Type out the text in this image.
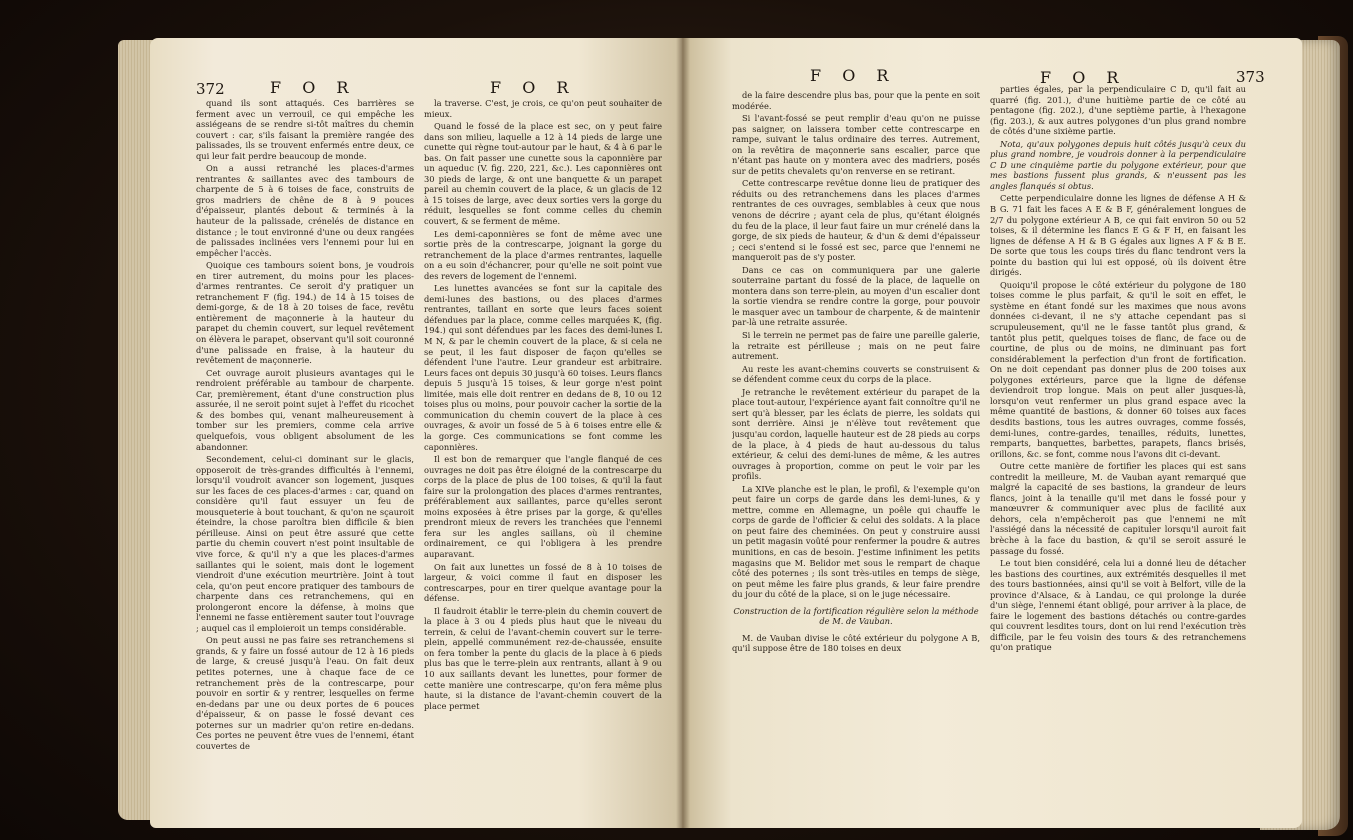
372	F O R	F O R

quand ils sont attaqués. Ces barrières se ferment avec un verrouil, ce qui empêche les assiégeans de se rendre si-tôt maîtres du chemin couvert : car, s'ils faisant la première rangée des palissades, ils se trouvent enfermés entre deux, ce qui leur fait perdre beaucoup de monde.

On a aussi retranché les places-d'armes rentrantes & saillantes avec des tambours de charpente de 5 à 6 toises de face, construits de gros madriers de chêne de 8 à 9 pouces d'épaisseur, plantés debout & terminés à la hauteur de la palissade, crénelés de distance en distance ; le tout environné d'une ou deux rangées de palissades inclinées vers l'ennemi pour lui en empêcher l'accès.

Quoique ces tambours soient bons, je voudrois en tirer autrement, du moins pour les places-d'armes rentrantes. Ce seroit d'y pratiquer un retranchement F (fig. 194.) de 14 à 15 toises de demi-gorge, & de 18 à 20 toises de face, revêtu entièrement de maçonnerie à la hauteur du parapet du chemin couvert, sur lequel revêtement on élèvera le parapet, observant qu'il soit couronné d'une palissade en fraise, à la hauteur du revêtement de maçonnerie.

Cet ouvrage auroit plusieurs avantages qui le rendroient préférable au tambour de charpente. Car, premièrement, étant d'une construction plus assurée, il ne seroit point sujet à l'effet du ricochet & des bombes qui, venant malheureusement à tomber sur les premiers, comme cela arrive quelquefois, vous obligent absolument de les abandonner.

Secondement, celui-ci dominant sur le glacis, opposeroit de très-grandes difficultés à l'ennemi, lorsqu'il voudroit avancer son logement, jusques sur les faces de ces places-d'armes : car, quand on considère qu'il faut essuyer un feu de mousqueterie à bout touchant, & qu'on ne sçauroit éteindre, la chose paroîtra bien difficile & bien périlleuse. Ainsi on peut être assuré que cette partie du chemin couvert n'est point insultable de vive force, & qu'il n'y a que les places-d'armes saillantes qui le soient, mais dont le logement viendroit d'une exécution meurtrière. Joint à tout cela, qu'on peut encore pratiquer des tambours de charpente dans ces retranchemens, qui en prolongeront encore la défense, à moins que l'ennemi ne fasse entièrement sauter tout l'ouvrage ; auquel cas il emploieroit un temps considérable.

On peut aussi ne pas faire ses retranchemens si grands, & y faire un fossé autour de 12 à 16 pieds de large, & creusé jusqu'à l'eau. On fait deux petites poternes, une à chaque face de ce retranchement près de la contrescarpe, pour pouvoir en sortir & y rentrer, lesquelles on ferme en-dedans par une ou deux portes de 6 pouces d'épaisseur, & on passe le fossé devant ces poternes sur un madrier qu'on retire en-dedans. Ces portes ne peuvent être vues de l'ennemi, étant couvertes de

la traverse. C'est, je crois, ce qu'on peut souhaiter de mieux.

Quand le fossé de la place est sec, on y peut faire dans son milieu, laquelle a 12 à 14 pieds de large une cunette qui règne tout-autour par le haut, & 4 à 6 par le bas. On fait passer une cunette sous la caponnière par un aqueduc (V. fig. 220, 221, &c.). Les caponnières ont 30 pieds de large, & ont une banquette & un parapet pareil au chemin couvert de la place, & un glacis de 12 à 15 toises de large, avec deux sorties vers la gorge du réduit, lesquelles se font comme celles du chemin couvert, & se ferment de même.

Les demi-caponnières se font de même avec une sortie près de la contrescarpe, joignant la gorge du retranchement de la place d'armes rentrantes, laquelle on a eu soin d'échancrer, pour qu'elle ne soit point vue des revers de logement de l'ennemi.

Les lunettes avancées se font sur la capitale des demi-lunes des bastions, ou des places d'armes rentrantes, taillant en sorte que leurs faces soient défendues par la place, comme celles marquées K, (fig. 194.) qui sont défendues par les faces des demi-lunes L M N, & par le chemin couvert de la place, & si cela ne se peut, il les faut disposer de façon qu'elles se défendent l'une l'autre. Leur grandeur est arbitraire. Leurs faces ont depuis 30 jusqu'à 60 toises. Leurs flancs depuis 5 jusqu'à 15 toises, & leur gorge n'est point limitée, mais elle doit rentrer en dedans de 8, 10 ou 12 toises plus ou moins, pour pouvoir cacher la sortie de la communication du chemin couvert de la place à ces ouvrages, & avoir un fossé de 5 à 6 toises entre elle & la gorge. Ces communications se font comme les caponnières.

Il est bon de remarquer que l'angle flanqué de ces ouvrages ne doit pas être éloigné de la contrescarpe du corps de la place de plus de 100 toises, & qu'il la faut faire sur la prolongation des places d'armes rentrantes, préférablement aux saillantes, parce qu'elles seront moins exposées à être prises par la gorge, & qu'elles prendront mieux de revers les tranchées que l'ennemi fera sur les angles saillans, où il chemine ordinairement, ce qui l'obligera à les prendre auparavant.

On fait aux lunettes un fossé de 8 à 10 toises de largeur, & voici comme il faut en disposer les contrescarpes, pour en tirer quelque avantage pour la défense.

Il faudroit établir le terre-plein du chemin couvert de la place à 3 ou 4 pieds plus haut que le niveau du terrein, & celui de l'avant-chemin couvert sur le terre-plein, appellé communément rez-de-chaussée, ensuite on fera tomber la pente du glacis de la place à 6 pieds plus bas que le terre-plein aux rentrants, allant à 9 ou 10 aux saillants devant les lunettes, pour former de cette manière une contrescarpe, qu'on fera même plus haute, si la distance de l'avant-chemin couvert de la place permet

F O R	F O R	373

de la faire descendre plus bas, pour que la pente en soit modérée.

Si l'avant-fossé se peut remplir d'eau qu'on ne puisse pas saigner, on laissera tomber cette contrescarpe en rampe, suivant le talus ordinaire des terres. Autrement, on la revêtira de maçonnerie sans escalier, parce que n'étant pas haute on y montera avec des madriers, posés sur de petits chevalets qu'on renverse en se retirant.

Cette contrescarpe revêtue donne lieu de pratiquer des réduits ou des retranchemens dans les places d'armes rentrantes de ces ouvrages, semblables à ceux que nous venons de décrire ; ayant cela de plus, qu'étant éloignés du feu de la place, il leur faut faire un mur crénelé dans la gorge, de six pieds de hauteur, & d'un & demi d'épaisseur ; ceci s'entend si le fossé est sec, parce que l'ennemi ne manqueroit pas de s'y poster.

Dans ce cas on communiquera par une galerie souterraine partant du fossé de la place, de laquelle on montera dans son terre-plein, au moyen d'un escalier dont la sortie viendra se rendre contre la gorge, pour pouvoir le masquer avec un tambour de charpente, & de maintenir par-là une retraite assurée.

Si le terrein ne permet pas de faire une pareille galerie, la retraite est périlleuse ; mais on ne peut faire autrement.

Au reste les avant-chemins couverts se construisent & se défendent comme ceux du corps de la place.

Je retranche le revêtement extérieur du parapet de la place tout-autour, l'expérience ayant fait connoître qu'il ne sert qu'à blesser, par les éclats de pierre, les soldats qui sont derrière. Ainsi je n'élève tout revêtement que jusqu'au cordon, laquelle hauteur est de 28 pieds au corps de la place, à 4 pieds de haut au-dessous du talus extérieur, & celui des demi-lunes de même, & les autres ouvrages à proportion, comme on peut le voir par les profils.

La XIVe planche est le plan, le profil, & l'exemple qu'on peut faire un corps de garde dans les demi-lunes, & y mettre, comme en Allemagne, un poêle qui chauffe le corps de garde de l'officier & celui des soldats. A la place on peut faire des cheminées. On peut y construire aussi un petit magasin voûté pour renfermer la poudre & autres munitions, en cas de besoin. J'estime infiniment les petits magasins que M. Belidor met sous le rempart de chaque côté des poternes ; ils sont très-utiles en temps de siège, on peut même les faire plus grands, & leur faire prendre du jour du côté de la place, si on le juge nécessaire.

Construction de la fortification régulière selon la méthode de M. de Vauban.

M. de Vauban divise le côté extérieur du polygone A B, qu'il suppose être de 180 toises en deux

parties égales, par la perpendiculaire C D, qu'il fait au quarré (fig. 201.), d'une huitième partie de ce côté au pentagone (fig. 202.), d'une septième partie, à l'hexagone (fig. 203.), & aux autres polygones d'un plus grand nombre de côtés d'une sixième partie.

Nota, qu'aux polygones depuis huit côtés jusqu'à ceux du plus grand nombre, je voudrois donner à la perpendiculaire C D une cinquième partie du polygone extérieur, pour que mes bastions fussent plus grands, & n'eussent pas les angles flanqués si obtus.

Cette perpendiculaire donne les lignes de défense A H & B G. 71 fait les faces A E & B F, généralement longues de 2/7 du polygone extérieur A B, ce qui fait environ 50 ou 52 toises, & il détermine les flancs E G & F H, en faisant les lignes de défense A H & B G égales aux lignes A F & B E. De sorte que tous les coups tirés du flanc tendront vers la pointe du bastion qui lui est opposé, où ils doivent être dirigés.

Quoiqu'il propose le côté extérieur du polygone de 180 toises comme le plus parfait, & qu'il le soit en effet, le système en étant fondé sur les maximes que nous avons données ci-devant, il ne s'y attache cependant pas si scrupuleusement, qu'il ne le fasse tantôt plus grand, & tantôt plus petit, quelques toises de flanc, de face ou de courtine, de plus ou de moins, ne diminuant pas fort considérablement la perfection d'un front de fortification. On ne doit cependant pas donner plus de 200 toises aux polygones extérieurs, parce que la ligne de défense deviendroit trop longue. Mais on peut aller jusques-là, lorsqu'on veut renfermer un plus grand espace avec la même quantité de bastions, & donner 60 toises aux faces desdits bastions, tous les autres ouvrages, comme fossés, demi-lunes, contre-gardes, tenailles, réduits, lunettes, remparts, banquettes, barbettes, parapets, flancs brisés, orillons, &c. se font, comme nous l'avons dit ci-devant.

Outre cette manière de fortifier les places qui est sans contredit la meilleure, M. de Vauban ayant remarqué que malgré la capacité de ses bastions, la grandeur de leurs flancs, joint à la tenaille qu'il met dans le fossé pour y manœuvrer & communiquer avec plus de facilité aux dehors, cela n'empêcheroit pas que l'ennemi ne mît l'assiégé dans la nécessité de capituler lorsqu'il auroit fait brèche à la face du bastion, & qu'il se seroit assuré le passage du fossé.

Le tout bien considéré, cela lui a donné lieu de détacher les bastions des courtines, aux extrémités desquelles il met des tours bastionnées, ainsi qu'il se voit à Belfort, ville de la province d'Alsace, & à Landau, ce qui prolonge la durée d'un siège, l'ennemi étant obligé, pour arriver à la place, de faire le logement des bastions détachés ou contre-gardes qui couvrent lesdites tours, dont on lui rend l'exécution très difficile, par le feu voisin des tours & des retranchemens qu'on pratique
